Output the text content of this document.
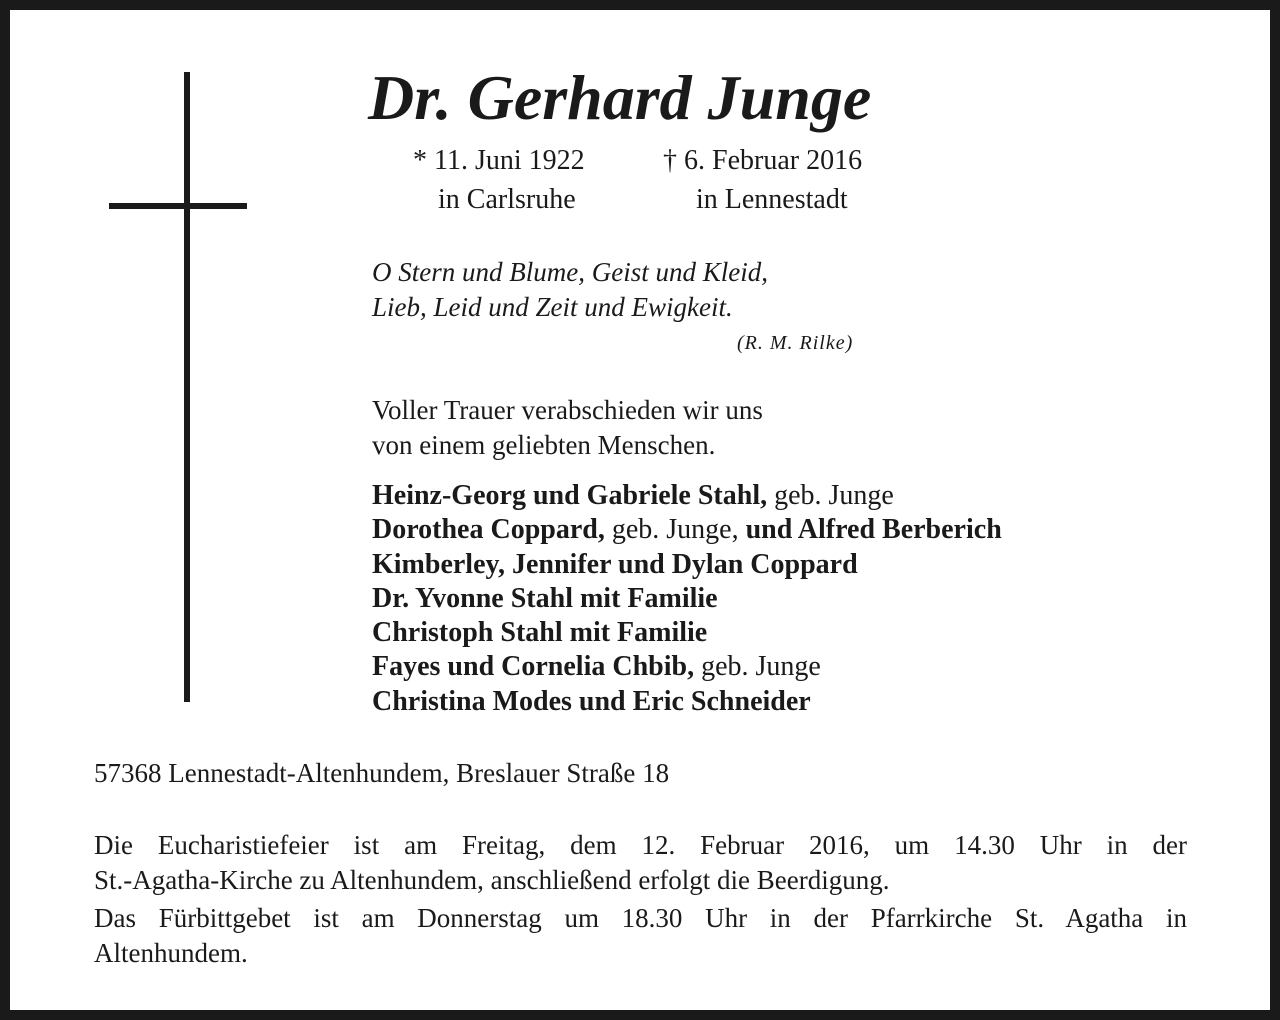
Dr. Gerhard Junge
* 11. Juni 1922
in Carlsruhe
† 6. Februar 2016
in Lennestadt
O Stern und Blume, Geist und Kleid,
Lieb, Leid und Zeit und Ewigkeit.
(R. M. Rilke)
Voller Trauer verabschieden wir uns
von einem geliebten Menschen.
Heinz-Georg und Gabriele Stahl, geb. Junge
Dorothea Coppard, geb. Junge, und Alfred Berberich
Kimberley, Jennifer und Dylan Coppard
Dr. Yvonne Stahl mit Familie
Christoph Stahl mit Familie
Fayes und Cornelia Chbib, geb. Junge
Christina Modes und Eric Schneider
57368 Lennestadt-Altenhundem, Breslauer Straße 18

Die Eucharistiefeier ist am Freitag, dem 12. Februar 2016, um 14.30 Uhr in der
St.-Agatha-Kirche zu Altenhundem, anschließend erfolgt die Beerdigung.

Das Fürbittgebet ist am Donnerstag um 18.30 Uhr in der Pfarrkirche St. Agatha in
Altenhundem.
